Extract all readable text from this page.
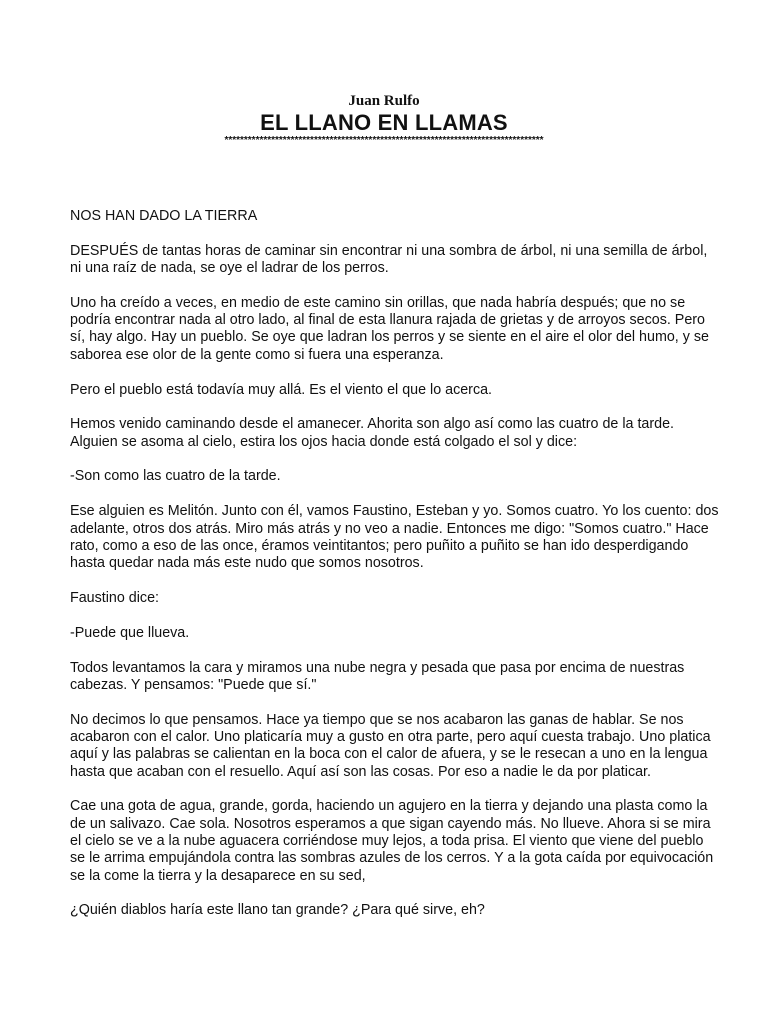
Juan Rulfo
EL LLANO EN LLAMAS
**********************************************************************************
NOS HAN DADO LA TIERRA

DESPUÉS de tantas horas de caminar sin encontrar ni una sombra de árbol, ni una semilla de árbol, ni una raíz de nada, se oye el ladrar de los perros.

Uno ha creído a veces, en medio de este camino sin orillas, que nada habría después; que no se podría encontrar nada al otro lado, al final de esta llanura rajada de grietas y de arroyos secos. Pero sí, hay algo. Hay un pueblo. Se oye que ladran los perros y se siente en el aire el olor del humo, y se saborea ese olor de la gente como si fuera una esperanza.

Pero el pueblo está todavía muy allá. Es el viento el que lo acerca.

Hemos venido caminando desde el amanecer. Ahorita son algo así como las cuatro de la tarde. Alguien se asoma al cielo, estira los ojos hacia donde está colgado el sol y dice:

-Son como las cuatro de la tarde.

Ese alguien es Melitón. Junto con él, vamos Faustino, Esteban y yo. Somos cuatro. Yo los cuento: dos adelante, otros dos atrás. Miro más atrás y no veo a nadie. Entonces me digo: "Somos cuatro." Hace rato, como a eso de las once, éramos veintitantos; pero puñito a puñito se han ido desperdigando hasta quedar nada más este nudo que somos nosotros.

Faustino dice:

-Puede que llueva.

Todos levantamos la cara y miramos una nube negra y pesada que pasa por encima de nuestras cabezas. Y pensamos: "Puede que sí."

No decimos lo que pensamos. Hace ya tiempo que se nos acabaron las ganas de hablar. Se nos acabaron con el calor. Uno platicaría muy a gusto en otra parte, pero aquí cuesta trabajo. Uno platica aquí y las palabras se calientan en la boca con el calor de afuera, y se le resecan a uno en la lengua hasta que acaban con el resuello. Aquí así son las cosas. Por eso a nadie le da por platicar.

Cae una gota de agua, grande, gorda, haciendo un agujero en la tierra y dejando una plasta como la de un salivazo. Cae sola. Nosotros esperamos a que sigan cayendo más. No llueve. Ahora si se mira el cielo se ve a la nube aguacera corriéndose muy lejos, a toda prisa. El viento que viene del pueblo se le arrima empujándola contra las sombras azules de los cerros. Y a la gota caída por equivocación se la come la tierra y la desaparece en su sed,

¿Quién diablos haría este llano tan grande? ¿Para qué sirve, eh?
